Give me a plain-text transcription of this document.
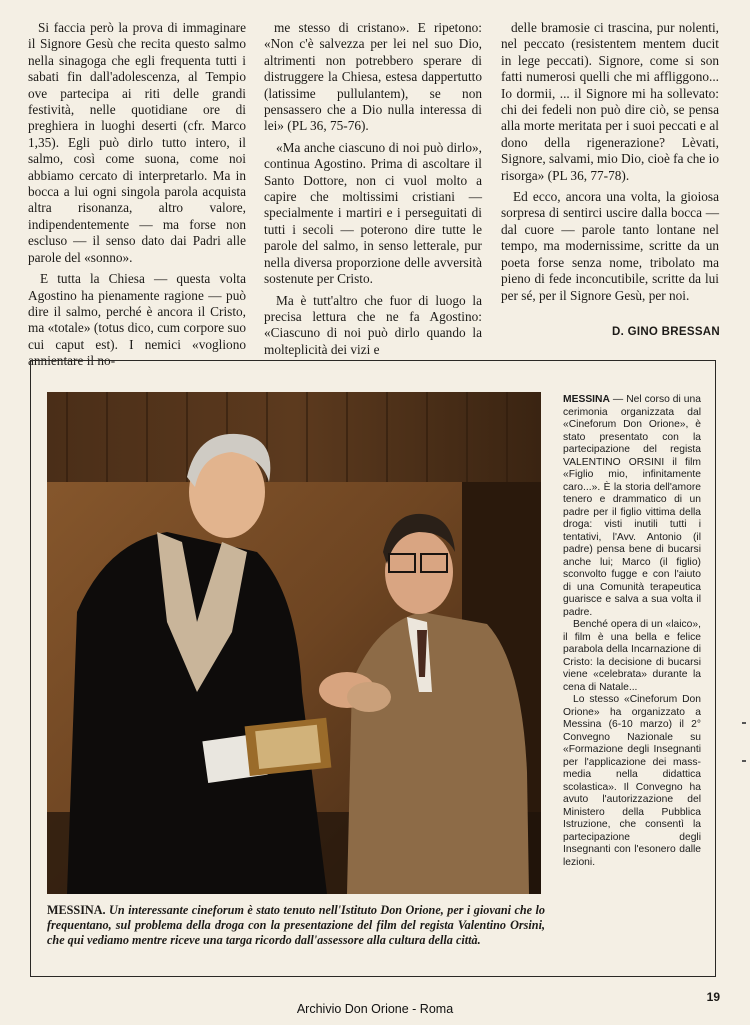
Si faccia però la prova di immaginare il Signore Gesù che recita questo salmo nella sinagoga che egli frequenta tutti i sabati fin dall'adolescenza, al Tempio ove partecipa ai riti delle grandi festività, nelle quotidiane ore di preghiera in luoghi deserti (cfr. Marco 1,35). Egli può dirlo tutto intero, il salmo, così come suona, come noi abbiamo cercato di interpretarlo. Ma in bocca a lui ogni singola parola acquista altra risonanza, altro valore, indipendentemente — ma forse non escluso — il senso dato dai Padri alle parole del «sonno».

E tutta la Chiesa — questa volta Agostino ha pienamente ragione — può dire il salmo, perché è ancora il Cristo, ma «totale» (totus dico, cum corpore suo cui caput est). I nemici «vogliono annientare il no-

me stesso di cristano». E ripetono: «Non c'è salvezza per lei nel suo Dio, altrimenti non potrebbero sperare di distruggere la Chiesa, estesa dappertutto (latissime pullulantem), se non pensassero che a Dio nulla interessa di lei» (PL 36, 75-76).

«Ma anche ciascuno di noi può dirlo», continua Agostino. Prima di ascoltare il Santo Dottore, non ci vuol molto a capire che moltissimi cristiani — specialmente i martiri e i perseguitati di tutti i secoli — poterono dire tutte le parole del salmo, in senso letterale, pur nella diversa proporzione delle avversità sostenute per Cristo.

Ma è tutt'altro che fuor di luogo la precisa lettura che ne fa Agostino: «Ciascuno di noi può dirlo quando la molteplicità dei vizi e

delle bramosie ci trascina, pur nolenti, nel peccato (resistentem mentem ducit in lege peccati). Signore, come si son fatti numerosi quelli che mi affliggono... Io dormii, ... il Signore mi ha sollevato: chi dei fedeli non può dire ciò, se pensa alla morte meritata per i suoi peccati e al dono della rigenerazione? Lèvati, Signore, salvami, mio Dio, cioè fa che io risorga» (PL 36, 77-78).

Ed ecco, ancora una volta, la gioiosa sorpresa di sentirci uscire dalla bocca — dal cuore — parole tanto lontane nel tempo, ma modernissime, scritte da un poeta forse senza nome, tribolato ma pieno di fede inconcutibile, scritte da lui per sé, per il Signore Gesù, per noi.

D. GINO BRESSAN

MESSINA — Nel corso di una cerimonia organizzata dal «Cineforum Don Orione», è stato presentato con la partecipazione del regista VALENTINO ORSINI il film «Figlio mio, infinitamente caro...». È la storia dell'amore tenero e drammatico di un padre per il figlio vittima della droga: visti inutili tutti i tentativi, l'Avv. Antonio (il padre) pensa bene di bucarsi anche lui; Marco (il figlio) sconvolto fugge e con l'aiuto di una Comunità terapeutica guarisce e salva a sua volta il padre.

Benché opera di un «laico», il film è una bella e felice parabola della Incarnazione di Cristo: la decisione di bucarsi viene «celebrata» durante la cena di Natale...

Lo stesso «Cineforum Don Orione» ha organizzato a Messina (6-10 marzo) il 2° Convegno Nazionale su «Formazione degli Insegnanti per l'applicazione dei mass-media nella didattica scolastica». Il Convegno ha avuto l'autorizzazione del Ministero della Pubblica Istruzione, che consentì la partecipazione degli Insegnanti con l'esonero dalle lezioni.

MESSINA. Un interessante cineforum è stato tenuto nell'Istituto Don Orione, per i giovani che lo frequentano, sul problema della droga con la presentazione del film del regista Valentino Orsini, che qui vediamo mentre riceve una targa ricordo dall'assessore alla cultura della città.
19
Archivio Don Orione - Roma
